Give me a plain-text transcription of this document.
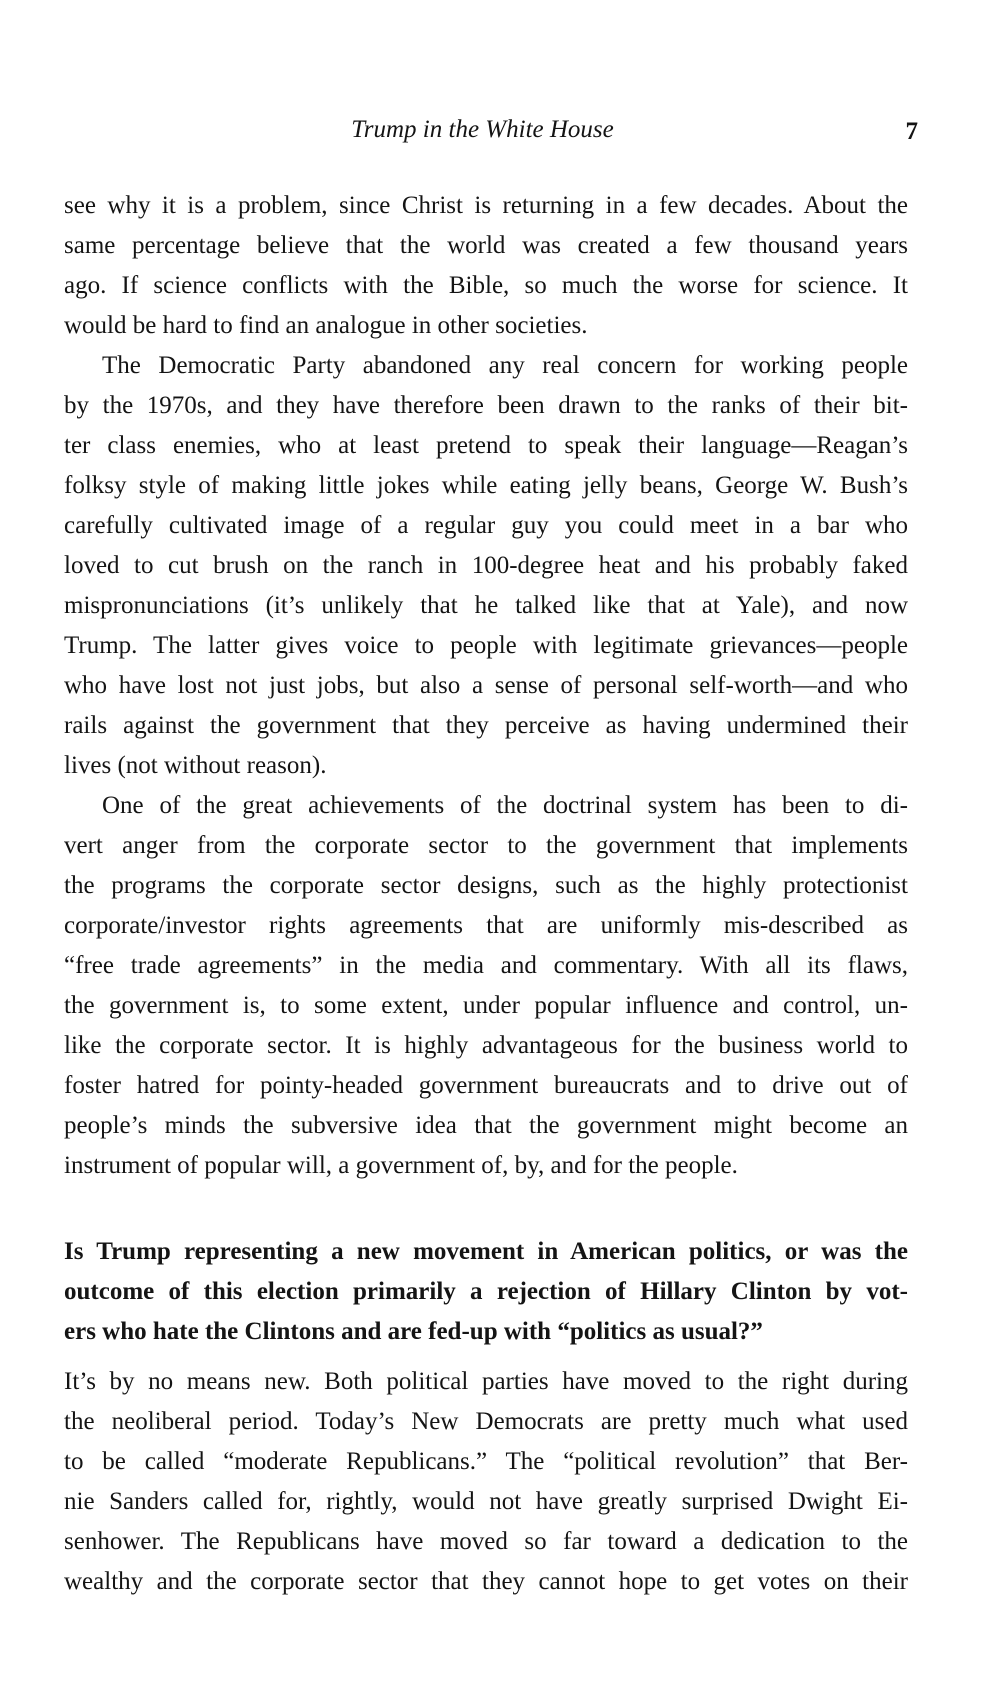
Trump in the White House	7
see why it is a problem, since Christ is returning in a few decades. About the
same percentage believe that the world was created a few thousand years
ago. If science conflicts with the Bible, so much the worse for science. It
would be hard to find an analogue in other societies.
The Democratic Party abandoned any real concern for working people
by the 1970s, and they have therefore been drawn to the ranks of their bit-
ter class enemies, who at least pretend to speak their language—Reagan’s
folksy style of making little jokes while eating jelly beans, George W. Bush’s
carefully cultivated image of a regular guy you could meet in a bar who
loved to cut brush on the ranch in 100-degree heat and his probably faked
mispronunciations (it’s unlikely that he talked like that at Yale), and now
Trump. The latter gives voice to people with legitimate grievances—people
who have lost not just jobs, but also a sense of personal self-worth—and who
rails against the government that they perceive as having undermined their
lives (not without reason).
One of the great achievements of the doctrinal system has been to di-
vert anger from the corporate sector to the government that implements
the programs the corporate sector designs, such as the highly protectionist
corporate/investor rights agreements that are uniformly mis-described as
“free trade agreements” in the media and commentary. With all its flaws,
the government is, to some extent, under popular influence and control, un-
like the corporate sector. It is highly advantageous for the business world to
foster hatred for pointy-headed government bureaucrats and to drive out of
people’s minds the subversive idea that the government might become an
instrument of popular will, a government of, by, and for the people.
Is Trump representing a new movement in American politics, or was the
outcome of this election primarily a rejection of Hillary Clinton by vot-
ers who hate the Clintons and are fed-up with “politics as usual?”
It’s by no means new. Both political parties have moved to the right during
the neoliberal period. Today’s New Democrats are pretty much what used
to be called “moderate Republicans.” The “political revolution” that Ber-
nie Sanders called for, rightly, would not have greatly surprised Dwight Ei-
senhower. The Republicans have moved so far toward a dedication to the
wealthy and the corporate sector that they cannot hope to get votes on their
